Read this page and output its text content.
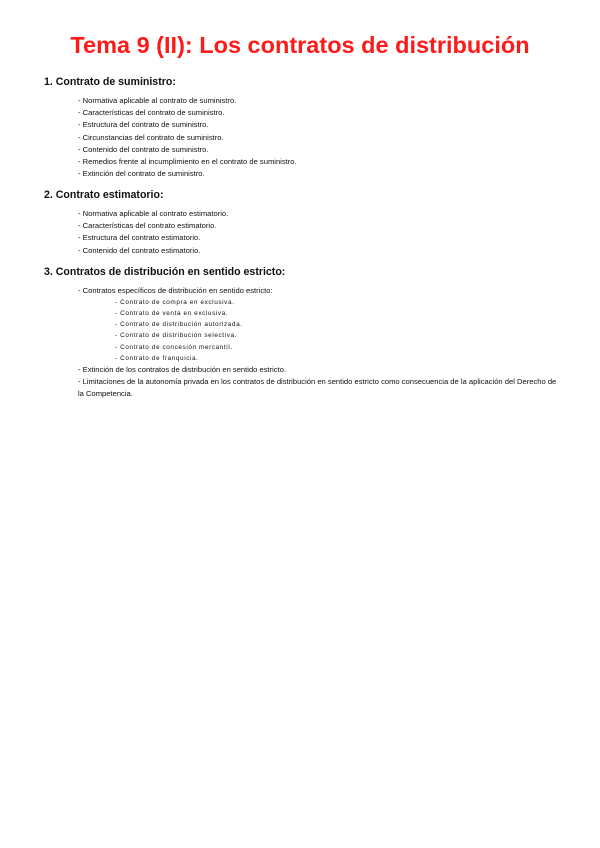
Tema 9 (II): Los contratos de distribución
1. Contrato de suministro:
- Normativa aplicable al contrato de suministro.
- Características del contrato de suministro.
- Estructura del contrato de suministro.
- Circunstancias del contrato de suministro.
- Contenido del contrato de suministro.
- Remedios frente al incumplimiento en el contrato de suministro.
- Extinción del contrato de suministro.
2. Contrato estimatorio:
- Normativa aplicable al contrato estimatorio.
- Características del contrato estimatorio.
- Estructura del contrato estimatorio.
- Contenido del contrato estimatorio.
3. Contratos de distribución en sentido estricto:
- Contratos específicos de distribución en sentido estricto:
- Contrato de compra en exclusiva.
- Contrato de venta en exclusiva.
- Contrato de distribución autorizada.
- Contrato de distribución selectiva.
- Contrato de concesión mercantil.
- Contrato de franquicia.
- Extinción de los contratos de distribución en sentido estricto.
- Limitaciones de la autonomía privada en los contratos de distribución en sentido estricto como consecuencia de la aplicación del Derecho de la Competencia.
